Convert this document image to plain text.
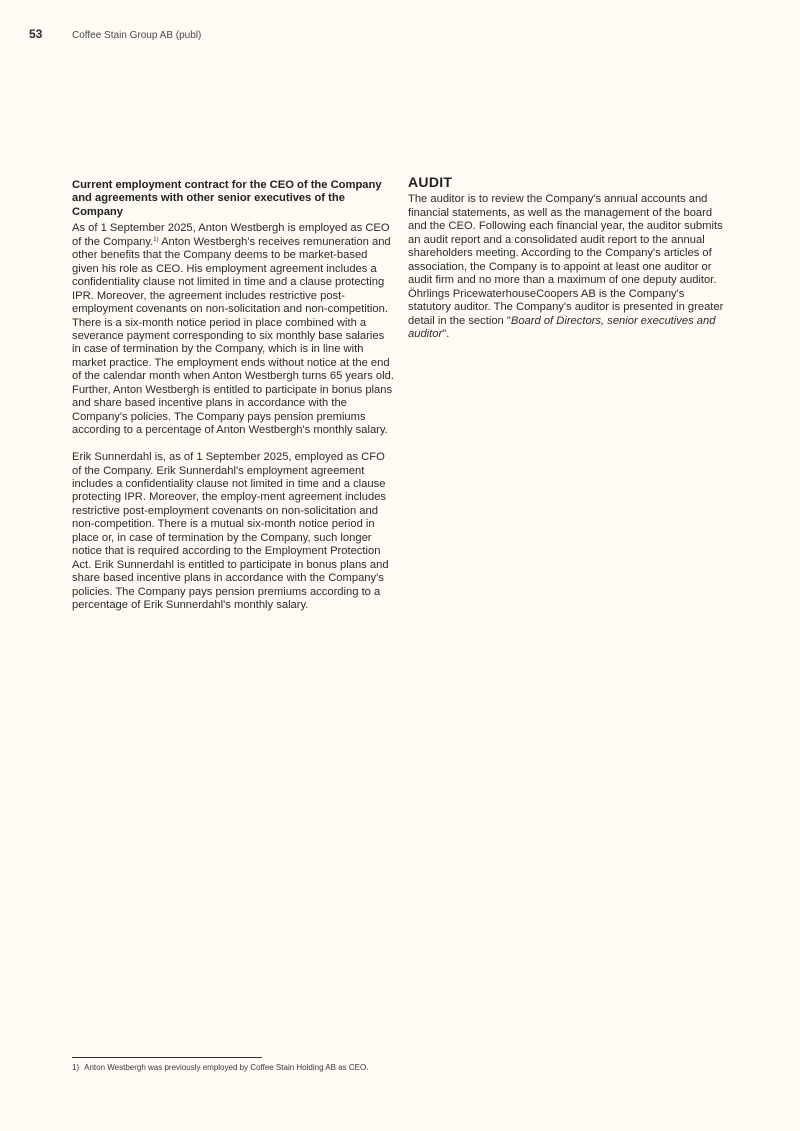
53	Coffee Stain Group AB (publ)
Current employment contract for the CEO of the Company and agreements with other senior executives of the Company

As of 1 September 2025, Anton Westbergh is employed as CEO of the Company.$^{1)}$ Anton Westbergh's receives remuneration and other benefits that the Company deems to be market-based given his role as CEO. His employment agreement includes a confidentiality clause not limited in time and a clause protecting IPR. Moreover, the agreement includes restrictive post-employment covenants on non-solicitation and non-competition. There is a six-month notice period in place combined with a severance payment corresponding to six monthly base salaries in case of termination by the Company, which is in line with market practice. The employment ends without notice at the end of the calendar month when Anton Westbergh turns 65 years old. Further, Anton Westbergh is entitled to participate in bonus plans and share based incentive plans in accordance with the Company's policies. The Company pays pension premiums according to a percentage of Anton Westbergh's monthly salary.

Erik Sunnerdahl is, as of 1 September 2025, employed as CFO of the Company. Erik Sunnerdahl's employment agreement includes a confidentiality clause not limited in time and a clause protecting IPR. Moreover, the employ-ment agreement includes restrictive post-employment covenants on non-solicitation and non-competition. There is a mutual six-month notice period in place or, in case of termination by the Company, such longer notice that is required according to the Employment Protection Act. Erik Sunnerdahl is entitled to participate in bonus plans and share based incentive plans in accordance with the Company's policies. The Company pays pension premiums according to a percentage of Erik Sunnerdahl's monthly salary.

AUDIT

The auditor is to review the Company's annual accounts and financial statements, as well as the management of the board and the CEO. Following each financial year, the auditor submits an audit report and a consolidated audit report to the annual shareholders meeting. According to the Company's articles of association, the Company is to appoint at least one auditor or audit firm and no more than a maximum of one deputy auditor. Öhrlings PricewaterhouseCoopers AB is the Company's statutory auditor. The Company's auditor is presented in greater detail in the section "Board of Directors, senior executives and auditor".

1) Anton Westbergh was previously employed by Coffee Stain Holding AB as CEO.
